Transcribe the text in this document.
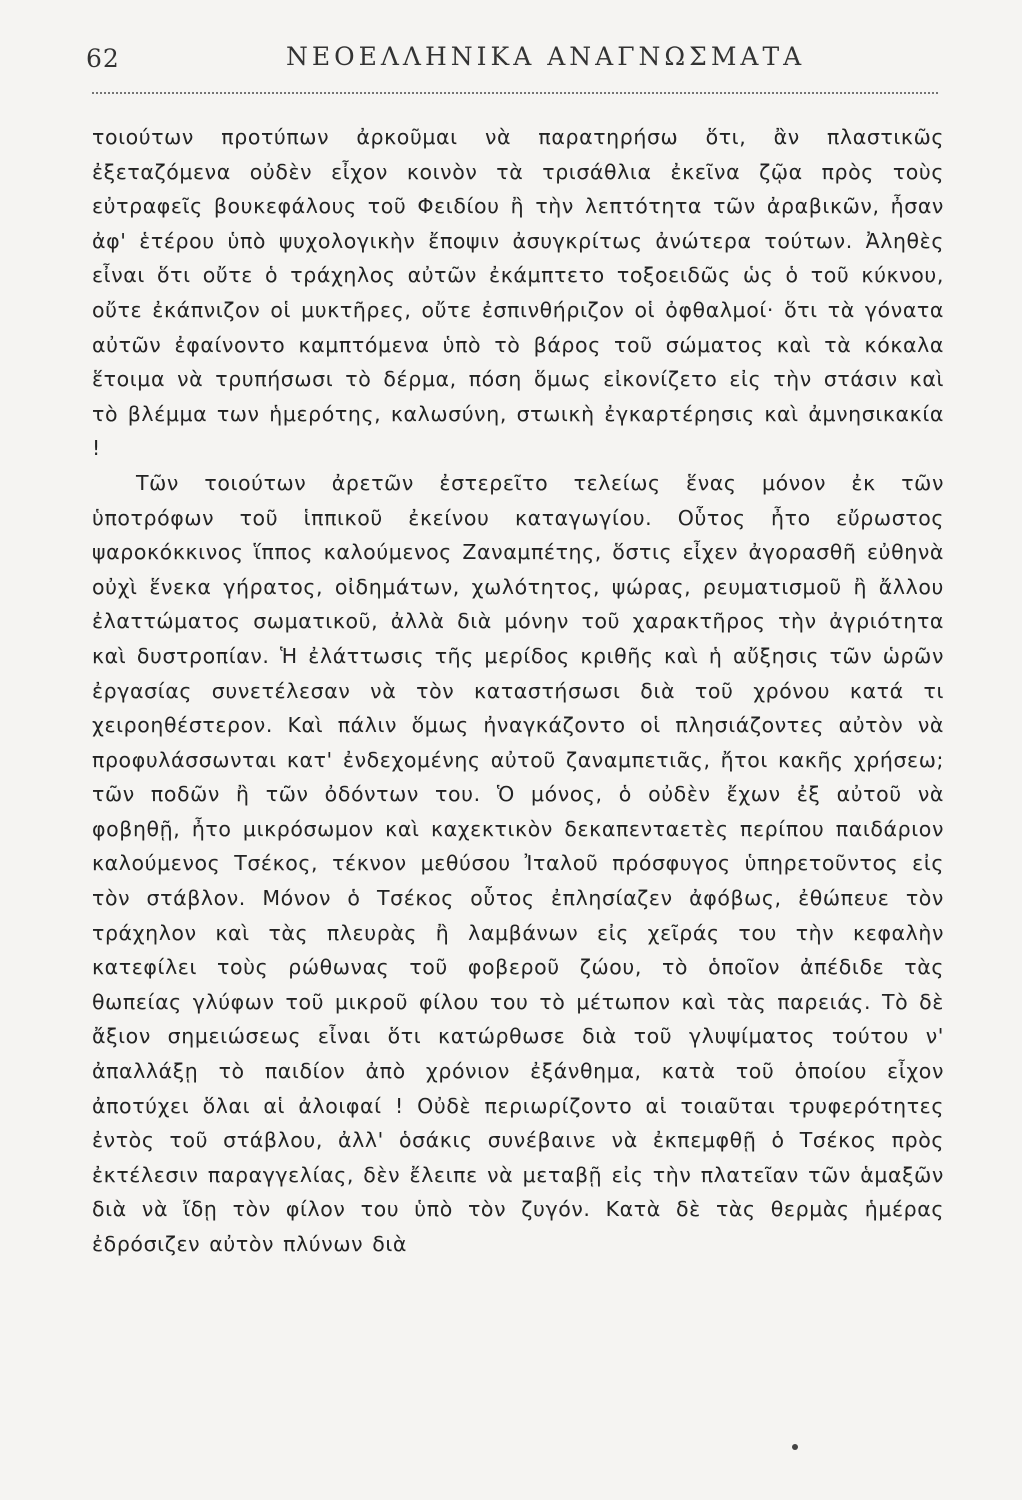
62	ΝΕΟΕΛΛΗΝΙΚΑ ΑΝΑΓΝΩΣΜΑΤΑ

τοιούτων προτύπων ἀρκοῦμαι νὰ παρατηρήσω ὅτι, ἂν πλαστικῶς ἐξεταζόμενα οὐδὲν εἶχον κοινὸν τὰ τρισάθλια ἐκεῖνα ζῷα πρὸς τοὺς εὐτραφεῖς βουκεφάλους τοῦ Φειδίου ἢ τὴν λεπτότητα τῶν ἀραβικῶν, ἦσαν ἀφ' ἑτέρου ὑπὸ ψυχολογικὴν ἔποψιν ἀσυγκρίτως ἀνώτερα τούτων. Ἀληθὲς εἶναι ὅτι οὔτε ὁ τράχηλος αὐτῶν ἐκάμπτετο τοξοειδῶς ὡς ὁ τοῦ κύκνου, οὔτε ἐκάπνιζον οἱ μυκτῆρες, οὔτε ἐσπινθήριζον οἱ ὀφθαλμοί· ὅτι τὰ γόνατα αὐτῶν ἐφαίνοντο καμπτόμενα ὑπὸ τὸ βάρος τοῦ σώματος καὶ τὰ κόκαλα ἕτοιμα νὰ τρυπήσωσι τὸ δέρμα, πόση ὅμως εἰκονίζετο εἰς τὴν στάσιν καὶ τὸ βλέμμα των ἡμερότης, καλωσύνη, στωικὴ ἐγκαρτέρησις καὶ ἀμνησικακία !

Τῶν τοιούτων ἀρετῶν ἐστερεῖτο τελείως ἕνας μόνον ἐκ τῶν ὑποτρόφων τοῦ ἱππικοῦ ἐκείνου καταγωγίου. Οὗτος ἦτο εὔρωστος ψαροκόκκινος ἵππος καλούμενος Ζαναμπέτης, ὅστις εἶχεν ἀγορασθῆ εὐθηνὰ οὐχὶ ἕνεκα γήρατος, οἰδημάτων, χωλότητος, ψώρας, ρευματισμοῦ ἢ ἄλλου ἐλαττώματος σωματικοῦ, ἀλλὰ διὰ μόνην τοῦ χαρακτῆρος τὴν ἀγριότητα καὶ δυστροπίαν. Ἡ ἐλάττωσις τῆς μερίδος κριθῆς καὶ ἡ αὔξησις τῶν ὡρῶν ἐργασίας συνετέλεσαν νὰ τὸν καταστήσωσι διὰ τοῦ χρόνου κατά τι χειροηθέστερον. Καὶ πάλιν ὅμως ἠναγκάζοντο οἱ πλησιάζοντες αὐτὸν νὰ προφυλάσσωνται κατ' ἐνδεχομένης αὐτοῦ ζαναμπετιᾶς, ἤτοι κακῆς χρήσεω; τῶν ποδῶν ἢ τῶν ὀδόντων του. Ὁ μόνος, ὁ οὐδὲν ἔχων ἐξ αὐτοῦ νὰ φοβηθῇ, ἦτο μικρόσωμον καὶ καχεκτικὸν δεκαπενταετὲς περίπου παιδάριον καλούμενος Τσέκος, τέκνον μεθύσου Ἰταλοῦ πρόσφυγος ὑπηρετοῦντος εἰς τὸν στάβλον. Μόνον ὁ Τσέκος οὗτος ἐπλησίαζεν ἀφόβως, ἐθώπευε τὸν τράχηλον καὶ τὰς πλευρὰς ἢ λαμβάνων εἰς χεῖράς του τὴν κεφαλὴν κατεφίλει τοὺς ρώθωνας τοῦ φοβεροῦ ζώου, τὸ ὁποῖον ἀπέδιδε τὰς θωπείας γλύφων τοῦ μικροῦ φίλου του τὸ μέτωπον καὶ τὰς παρειάς. Τὸ δὲ ἄξιον σημειώσεως εἶναι ὅτι κατώρθωσε διὰ τοῦ γλυψίματος τούτου ν' ἀπαλλάξῃ τὸ παιδίον ἀπὸ χρόνιον ἐξάνθημα, κατὰ τοῦ ὁποίου εἶχον ἀποτύχει ὅλαι αἱ ἀλοιφαί ! Οὐδὲ περιωρίζοντο αἱ τοιαῦται τρυφερότητες ἐντὸς τοῦ στάβλου, ἀλλ' ὁσάκις συνέβαινε νὰ ἐκπεμφθῇ ὁ Τσέκος πρὸς ἐκτέλεσιν παραγγελίας, δὲν ἔλειπε νὰ μεταβῇ εἰς τὴν πλατεῖαν τῶν ἁμαξῶν διὰ νὰ ἴδῃ τὸν φίλον του ὑπὸ τὸν ζυγόν. Κατὰ δὲ τὰς θερμὰς ἡμέρας ἐδρόσιζεν αὐτὸν πλύνων διὰ
